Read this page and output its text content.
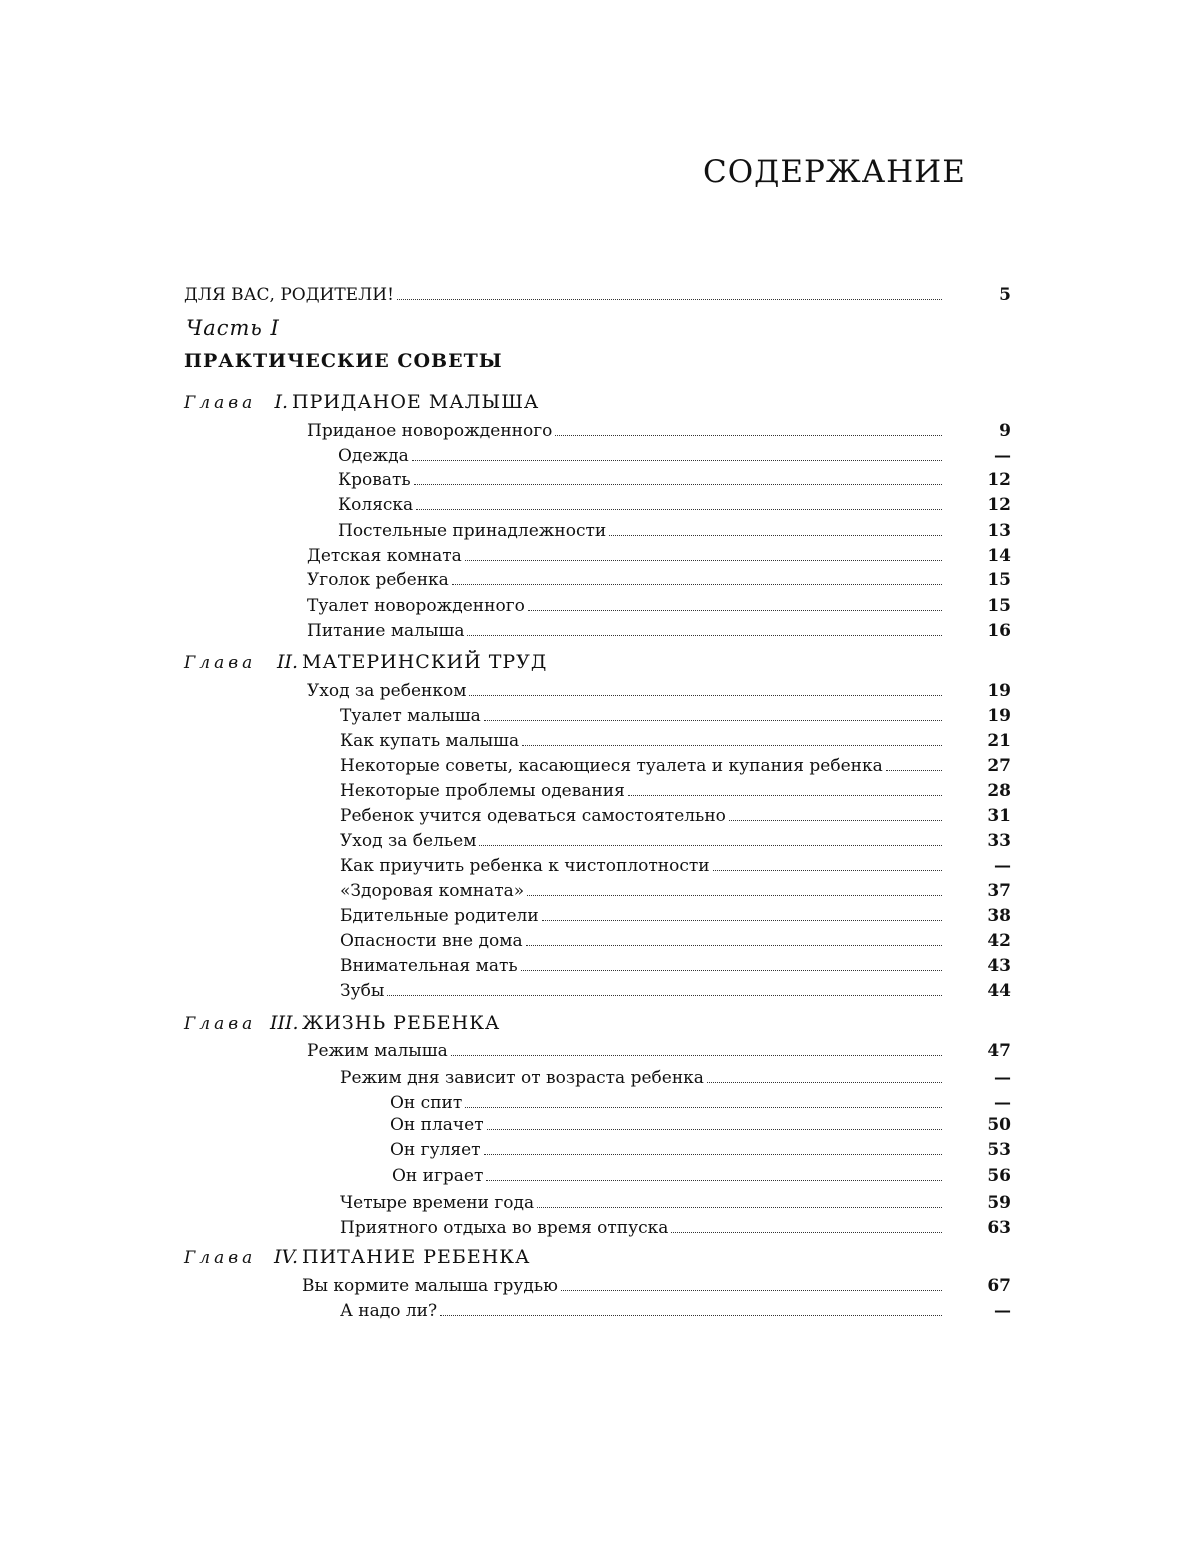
СОДЕРЖАНИЕ
ДЛЯ ВАС, РОДИТЕЛИ!	5
Часть I
ПРАКТИЧЕСКИЕ СОВЕТЫ
Глава I. ПРИДАНОЕ МАЛЫША
Приданое новорожденного	9
Одежда	—
Кровать	12
Коляска	12
Постельные принадлежности	13
Детская комната	14
Уголок ребенка	15
Туалет новорожденного	15
Питание малыша	16
Глава II. МАТЕРИНСКИЙ ТРУД
Уход за ребенком	19
Туалет малыша	19
Как купать малыша	21
Некоторые советы, касающиеся туалета и купания ребенка	27
Некоторые проблемы одевания	28
Ребенок учится одеваться самостоятельно	31
Уход за бельем	33
Как приучить ребенка к чистоплотности	—
«Здоровая комната»	37
Бдительные родители	38
Опасности вне дома	42
Внимательная мать	43
Зубы	44
Глава III. ЖИЗНЬ РЕБЕНКА
Режим малыша	47
Режим дня зависит от возраста ребенка	—
Он спит	—
Он плачет	50
Он гуляет	53
Он играет	56
Четыре времени года	59
Приятного отдыха во время отпуска	63
Глава IV. ПИТАНИЕ РЕБЕНКА
Вы кормите малыша грудью	67
А надо ли?	—
